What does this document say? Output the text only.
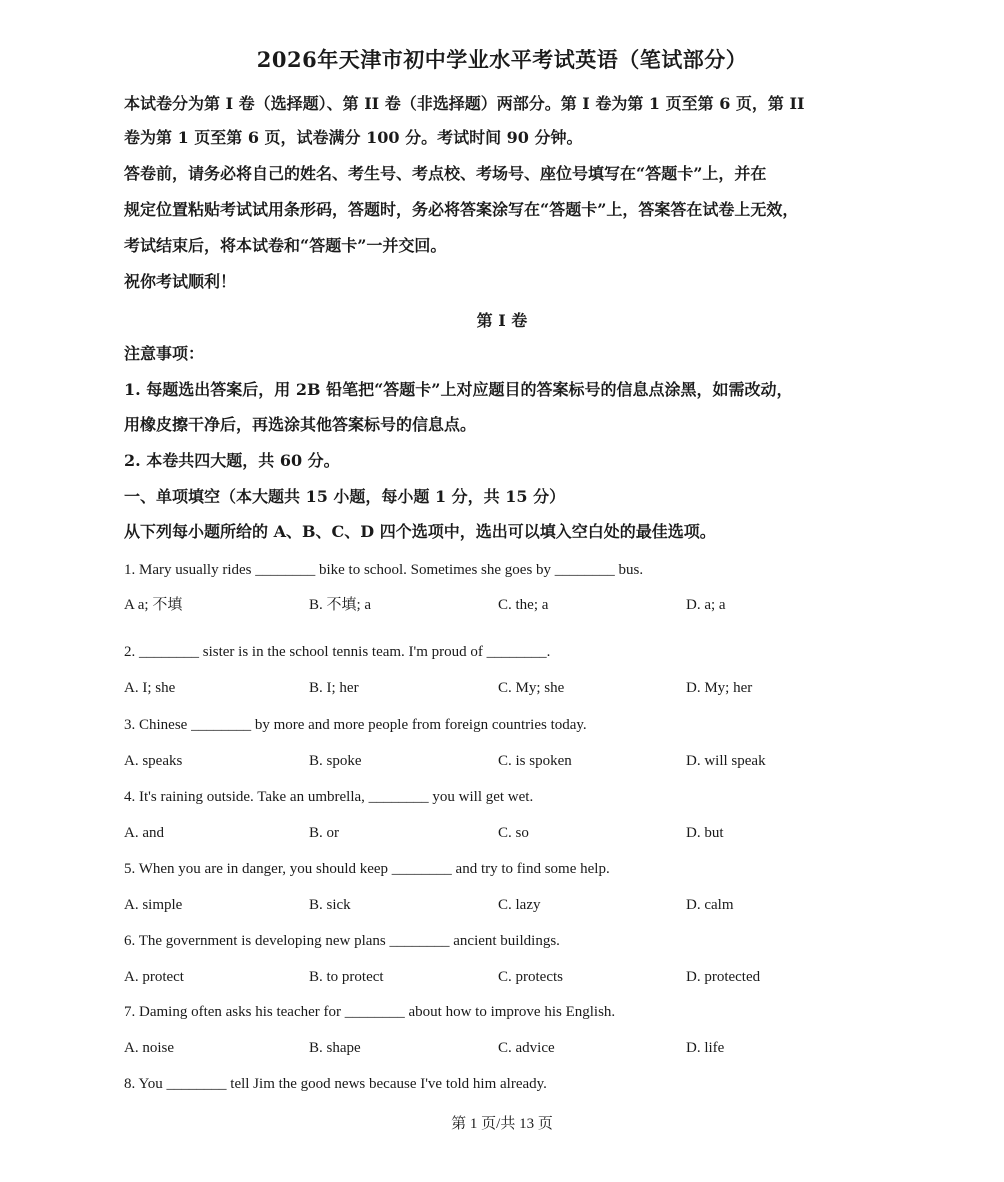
2026年天津市初中学业水平考试英语（笔试部分）
本试卷分为第 I 卷（选择题）、第 II 卷（非选择题）两部分。第 I 卷为第 1 页至第 6 页，第 II
卷为第 1 页至第 6 页，试卷满分 100 分。考试时间 90 分钟。
答卷前，请务必将自己的姓名、考生号、考点校、考场号、座位号填写在“答题卡”上，并在
规定位置粘贴考试试用条形码，答题时，务必将答案涂写在“答题卡”上，答案答在试卷上无效，
考试结束后，将本试卷和“答题卡”一并交回。
祝你考试顺利！
第 I 卷
注意事项：
1. 每题选出答案后，用 2B 铅笔把“答题卡”上对应题目的答案标号的信息点涂黑，如需改动，
用橡皮擦干净后，再选涂其他答案标号的信息点。
2. 本卷共四大题，共 60 分。
一、单项填空（本大题共 15 小题，每小题 1 分，共 15 分）
从下列每小题所给的 A、B、C、D 四个选项中，选出可以填入空白处的最佳选项。
1. Mary usually rides ________ bike to school. Sometimes she goes by ________ bus.
A a; 不填	B. 不填; a	C. the; a	D. a; a
2. ________ sister is in the school tennis team. I'm proud of ________.
A. I; she	B. I; her	C. My; she	D. My; her
3. Chinese ________ by more and more people from foreign countries today.
A. speaks	B. spoke	C. is spoken	D. will speak
4. It's raining outside. Take an umbrella, ________ you will get wet.
A. and	B. or	C. so	D. but
5. When you are in danger, you should keep ________ and try to find some help.
A. simple	B. sick	C. lazy	D. calm
6. The government is developing new plans ________ ancient buildings.
A. protect	B. to protect	C. protects	D. protected
7. Daming often asks his teacher for ________ about how to improve his English.
A. noise	B. shape	C. advice	D. life
8. You ________ tell Jim the good news because I've told him already.
第 1 页/共 13 页
